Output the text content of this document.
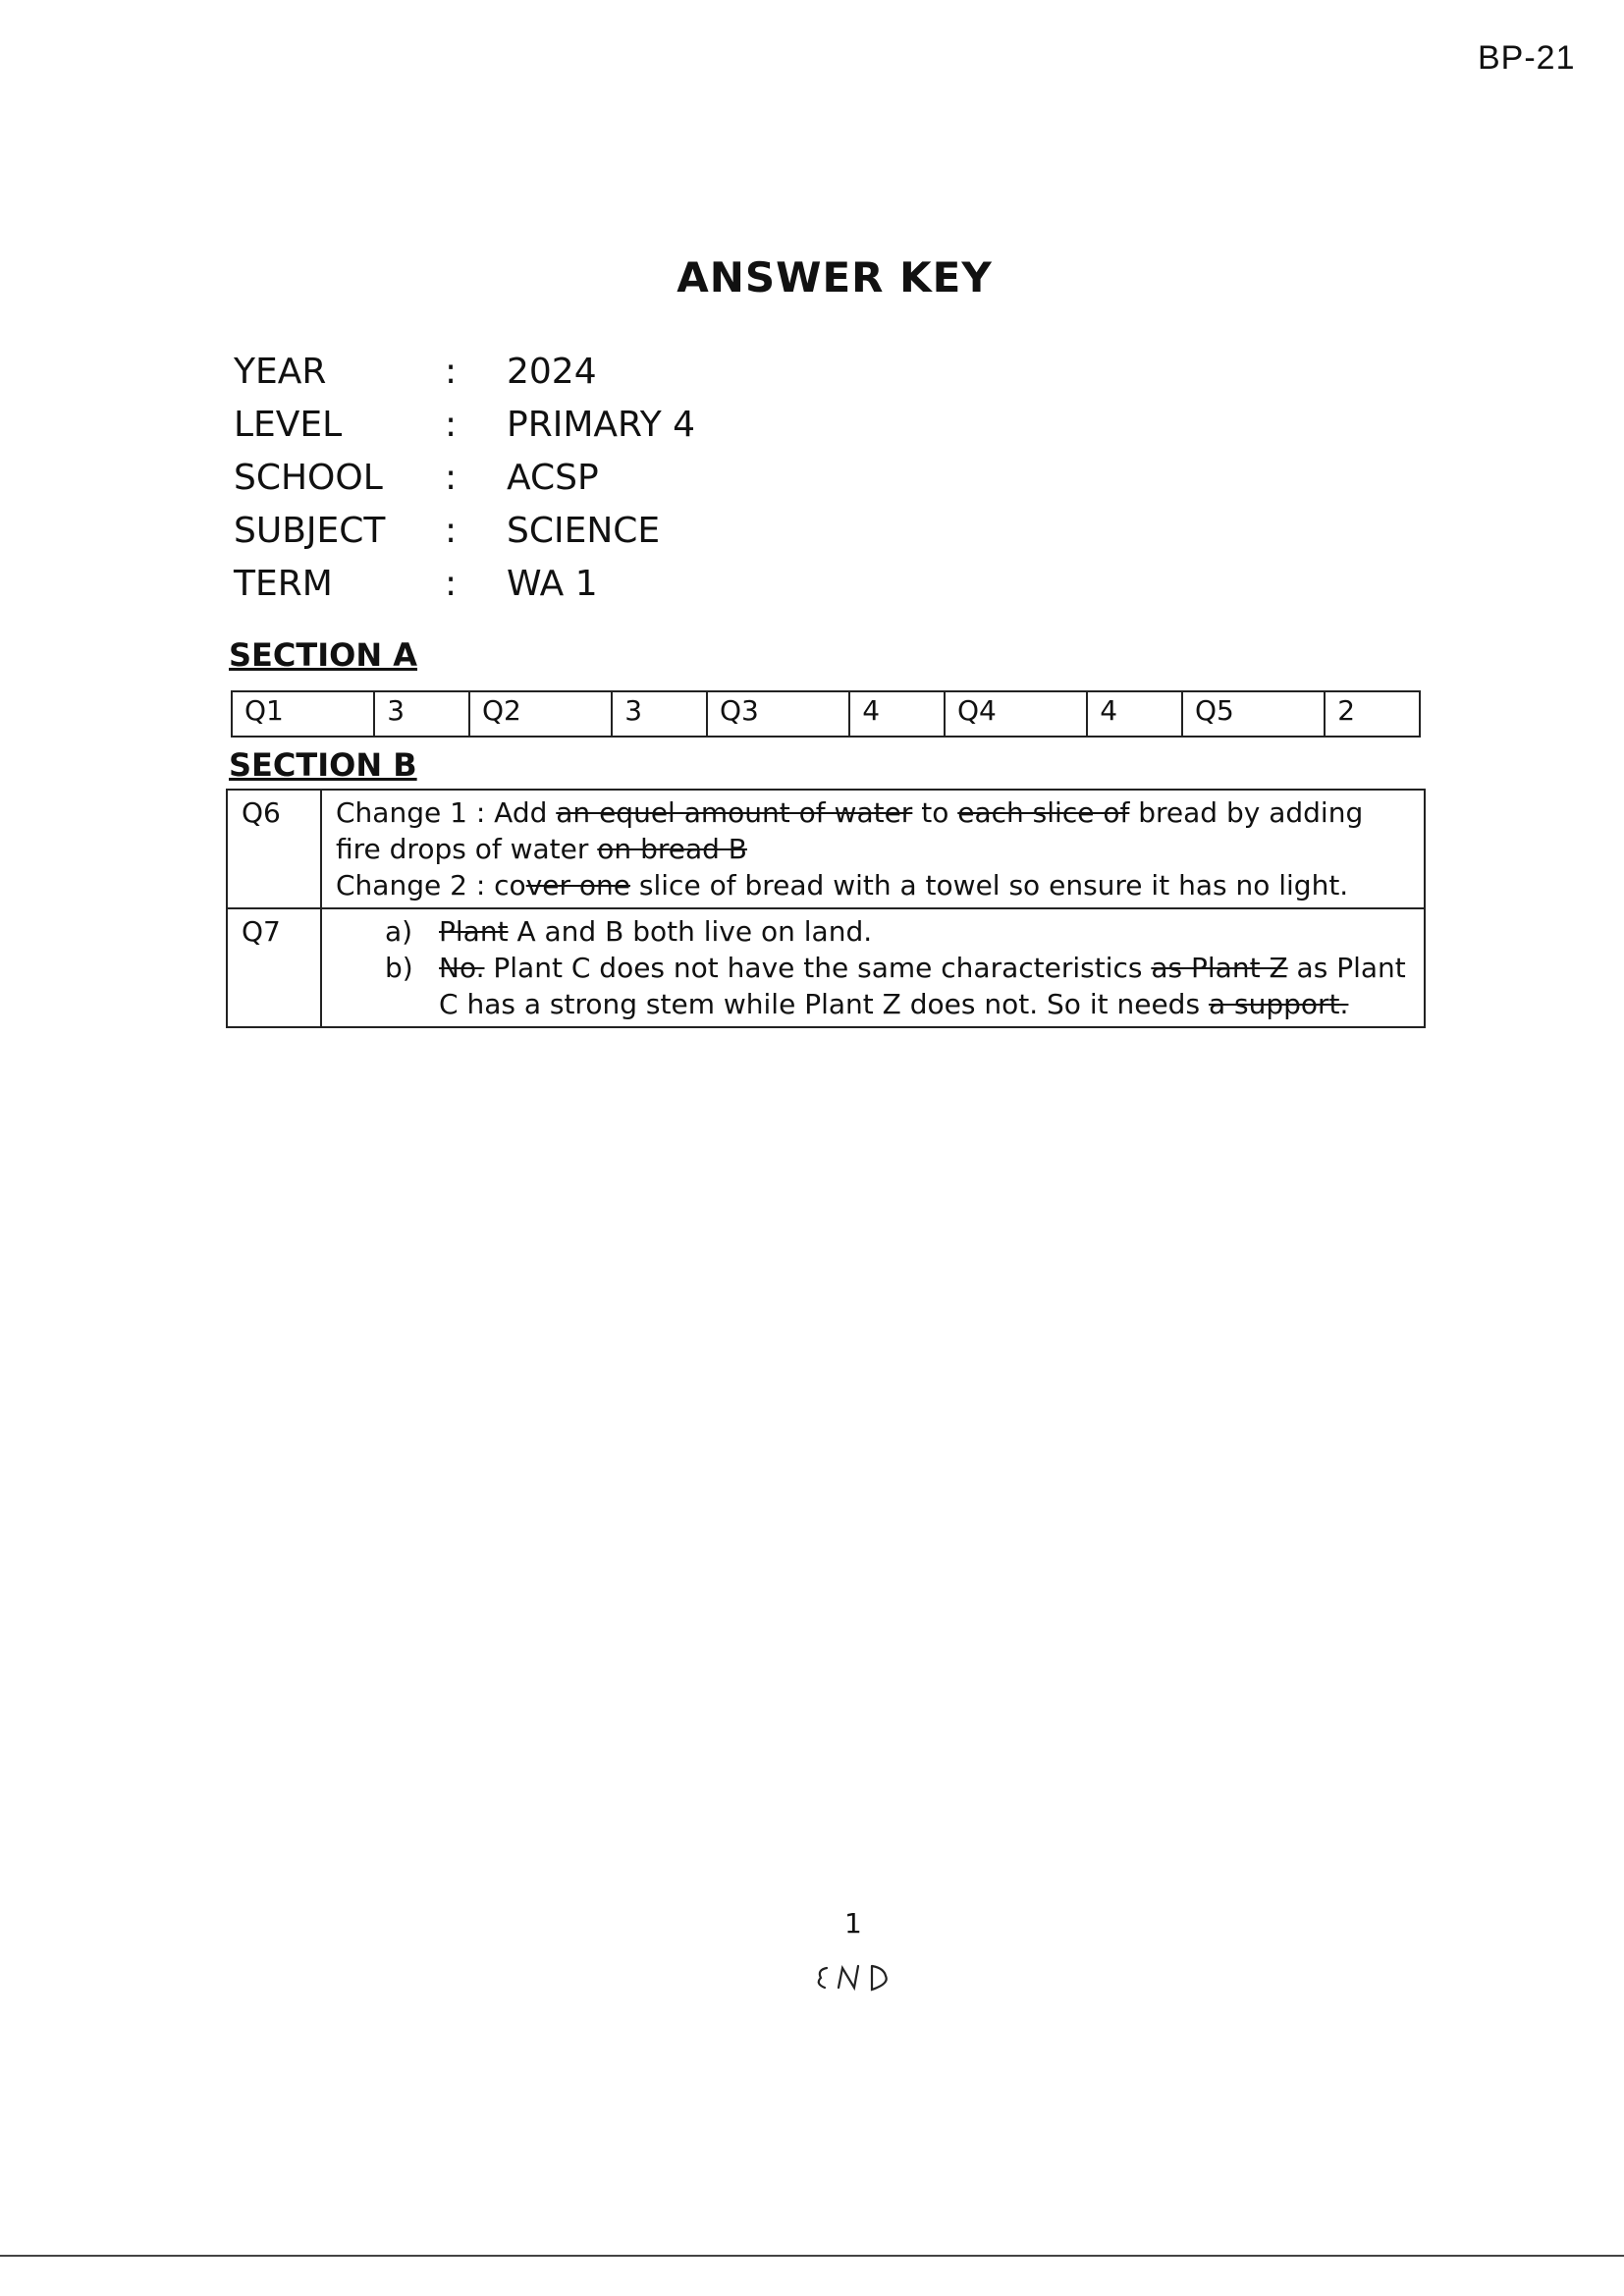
BP-21
ANSWER KEY
YEAR	: 2024
LEVEL	: PRIMARY 4
SCHOOL : ACSP
SUBJECT : SCIENCE
TERM	: WA 1
SECTION A
Q1	3	Q2	3	Q3	4	Q4	4	Q5	2
SECTION B
Q6	Change 1 : Add an equel amount of water to each slice of bread by adding fire drops of water on bread B
Change 2 : cover one slice of bread with a towel so ensure it has no light.

Q7	a) Plant A and B both live on land.
b) No. Plant C does not have the same characteristics as Plant Z as Plant C has a strong stem while Plant Z does not. So it needs a support.
1
